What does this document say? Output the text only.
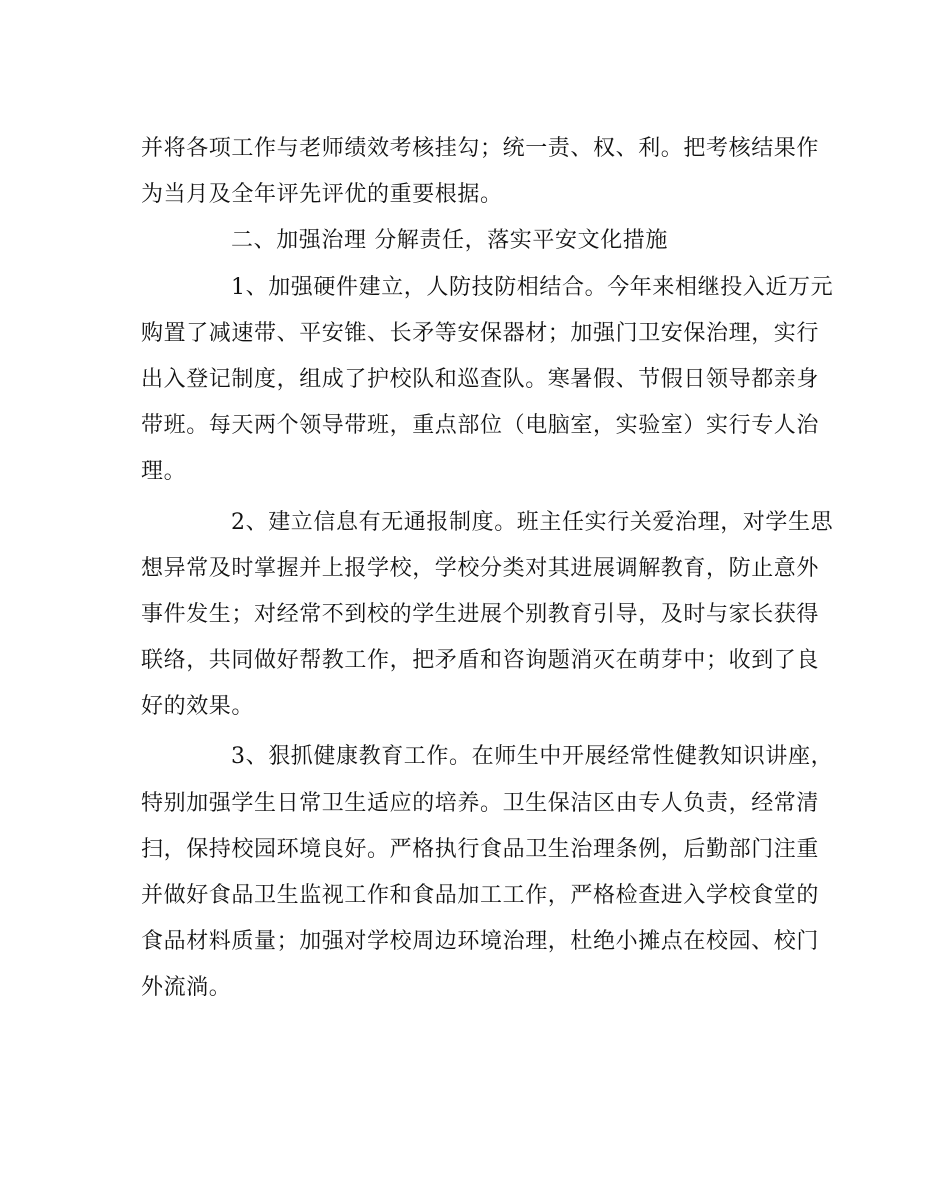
并将各项工作与老师绩效考核挂勾；统一责、权、利。把考核结果作
为当月及全年评先评优的重要根据。
二、加强治理 分解责任，落实平安文化措施
1、加强硬件建立，人防技防相结合。今年来相继投入近万元
购置了减速带、平安锥、长矛等安保器材；加强门卫安保治理，实行
出入登记制度，组成了护校队和巡查队。寒暑假、节假日领导都亲身
带班。每天两个领导带班，重点部位（电脑室，实验室）实行专人治
理。
2、建立信息有无通报制度。班主任实行关爱治理，对学生思
想异常及时掌握并上报学校，学校分类对其进展调解教育，防止意外
事件发生；对经常不到校的学生进展个别教育引导，及时与家长获得
联络，共同做好帮教工作，把矛盾和咨询题消灭在萌芽中；收到了良
好的效果。
3、狠抓健康教育工作。在师生中开展经常性健教知识讲座，
特别加强学生日常卫生适应的培养。卫生保洁区由专人负责，经常清
扫，保持校园环境良好。严格执行食品卫生治理条例，后勤部门注重
并做好食品卫生监视工作和食品加工工作，严格检查进入学校食堂的
食品材料质量；加强对学校周边环境治理，杜绝小摊点在校园、校门
外流淌。
